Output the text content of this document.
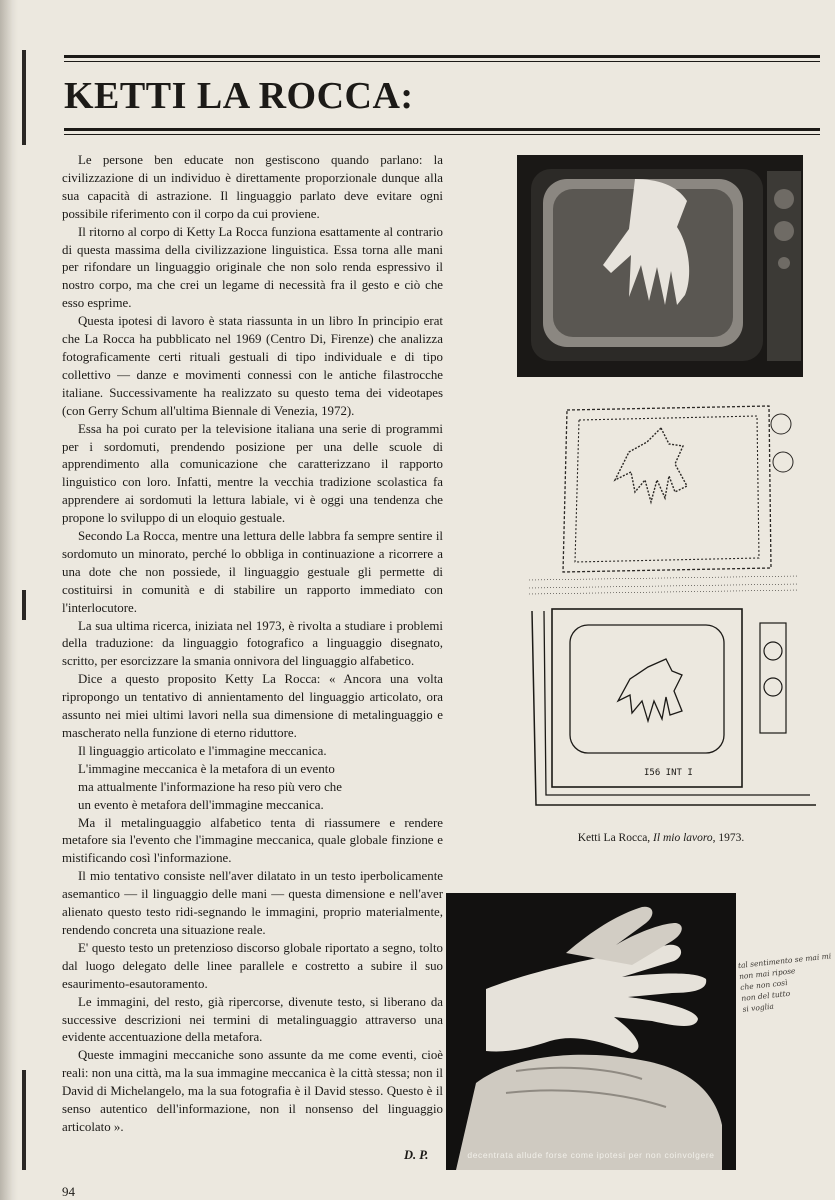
KETTI LA ROCCA:

Le persone ben educate non gestiscono quando parlano: la civilizzazione di un individuo è direttamente proporzionale dunque alla sua capacità di astrazione. Il linguaggio parlato deve evitare ogni possibile riferimento con il corpo da cui proviene.

Il ritorno al corpo di Ketty La Rocca funziona esattamente al contrario di questa massima della civilizzazione linguistica. Essa torna alle mani per rifondare un linguaggio originale che non solo renda espressivo il nostro corpo, ma che crei un legame di necessità fra il gesto e ciò che esso esprime.

Questa ipotesi di lavoro è stata riassunta in un libro In principio erat che La Rocca ha pubblicato nel 1969 (Centro Di, Firenze) che analizza fotograficamente certi rituali gestuali di tipo individuale e di tipo collettivo — danze e movimenti connessi con le antiche filastrocche italiane. Successivamente ha realizzato su questo tema dei videotapes (con Gerry Schum all'ultima Biennale di Venezia, 1972).

Essa ha poi curato per la televisione italiana una serie di programmi per i sordomuti, prendendo posizione per una delle scuole di apprendimento alla comunicazione che caratterizzano il rapporto linguistico con loro. Infatti, mentre la vecchia tradizione scolastica fa apprendere ai sordomuti la lettura labiale, vi è oggi una tendenza che propone lo sviluppo di un eloquio gestuale.

Secondo La Rocca, mentre una lettura delle labbra fa sempre sentire il sordomuto un minorato, perché lo obbliga in continuazione a ricorrere a una dote che non possiede, il linguaggio gestuale gli permette di costituirsi in comunità e di stabilire un rapporto immediato con l'interlocutore.

La sua ultima ricerca, iniziata nel 1973, è rivolta a studiare i problemi della traduzione: da linguaggio fotografico a linguaggio disegnato, scritto, per esorcizzare la smania onnivora del linguaggio alfabetico.

Dice a questo proposito Ketty La Rocca: « Ancora una volta ripropongo un tentativo di annientamento del linguaggio articolato, ora assunto nei miei ultimi lavori nella sua dimensione di metalinguaggio e mascherato nella funzione di eterno riduttore.

Il linguaggio articolato e l'immagine meccanica.

L'immagine meccanica è la metafora di un evento

ma attualmente l'informazione ha reso più vero che

un evento è metafora dell'immagine meccanica.

Ma il metalinguaggio alfabetico tenta di riassumere e rendere metafore sia l'evento che l'immagine meccanica, quale globale finzione e mistificando così l'informazione.

Il mio tentativo consiste nell'aver dilatato in un testo iperbolicamente asemantico — il linguaggio delle mani — questa dimensione e nell'aver alienato questo testo ridi-segnando le immagini, proprio materialmente, rendendo concreta una situazione reale.

E' questo testo un pretenzioso discorso globale riportato a segno, tolto dal luogo delegato delle linee parallele e costretto a subire il suo esaurimento-esautoramento.

Le immagini, del resto, già ripercorse, divenute testo, si liberano da successive descrizioni nei termini di metalinguaggio attraverso una evidente accentuazione della metafora.

Queste immagini meccaniche sono assunte da me come eventi, cioè reali: non una città, ma la sua immagine meccanica è la città stessa; non il David di Michelangelo, ma la sua fotografia è il David stesso. Questo è il senso autentico dell'informazione, non il nonsenso del linguaggio articolato ».

D. P.
94
I56 INT I
Ketti La Rocca, Il mio lavoro, 1973.
decentrata allude forse come ipotesi per non coinvolgere
tal sentimento se mai mi
non mai ripose
che non così
non del tutto
si voglia
